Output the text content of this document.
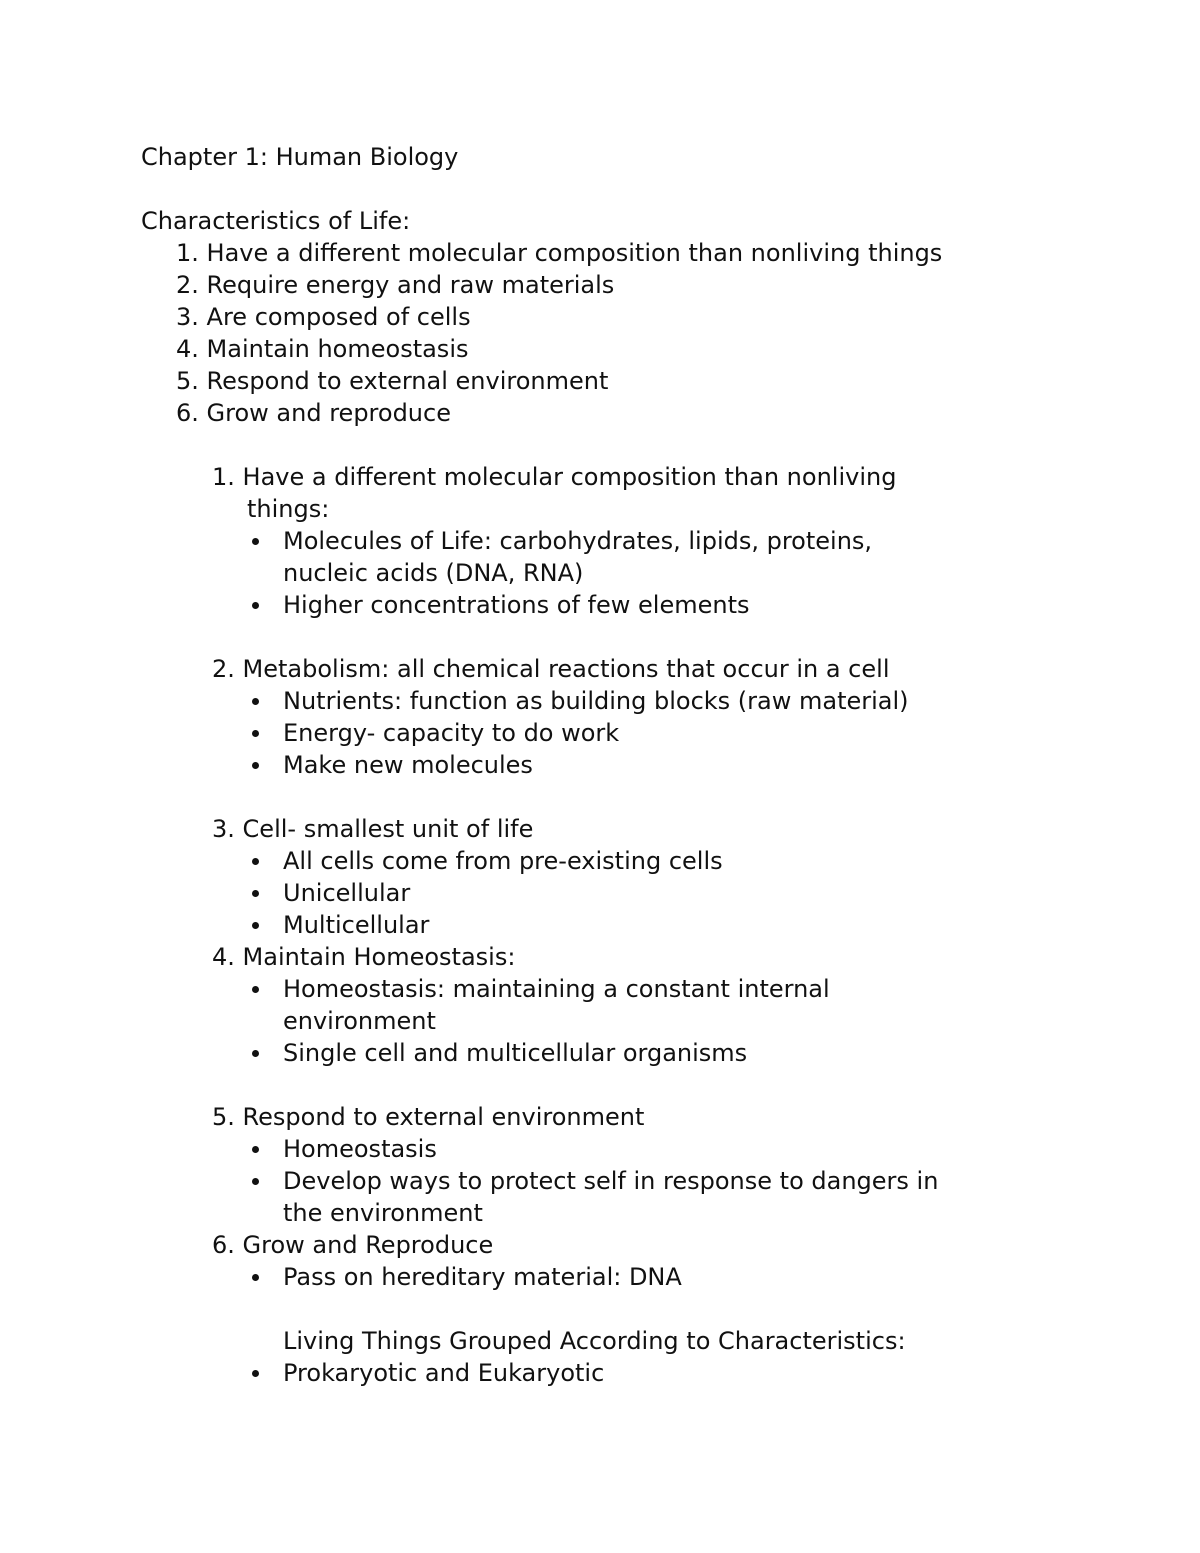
Chapter 1: Human Biology
Characteristics of Life:
1. Have a different molecular composition than nonliving things
2. Require energy and raw materials
3. Are composed of cells
4. Maintain homeostasis
5. Respond to external environment
6. Grow and reproduce
1. Have a different molecular composition than nonliving
things:
Molecules of Life: carbohydrates, lipids, proteins,
nucleic acids (DNA, RNA)
Higher concentrations of few elements
2. Metabolism: all chemical reactions that occur in a cell
Nutrients: function as building blocks (raw material)
Energy- capacity to do work
Make new molecules
3. Cell- smallest unit of life
All cells come from pre-existing cells
Unicellular
Multicellular
4. Maintain Homeostasis:
Homeostasis: maintaining a constant internal
environment
Single cell and multicellular organisms
5. Respond to external environment
Homeostasis
Develop ways to protect self in response to dangers in
the environment
6. Grow and Reproduce
Pass on hereditary material: DNA
Living Things Grouped According to Characteristics:
Prokaryotic and Eukaryotic
